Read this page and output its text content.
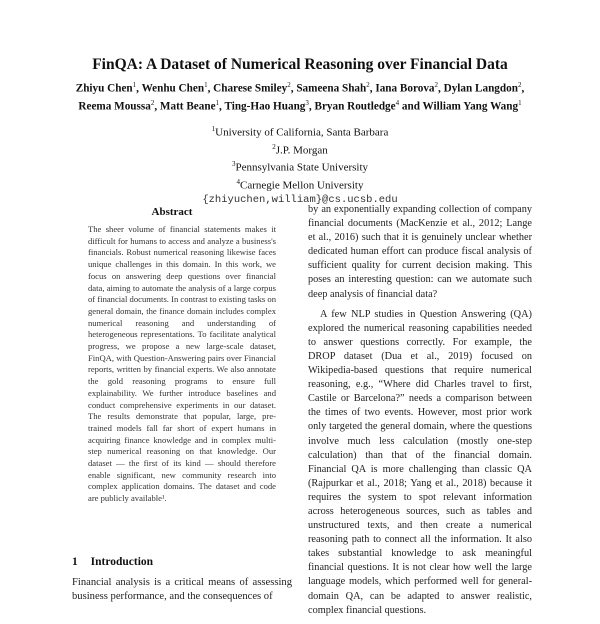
FinQA: A Dataset of Numerical Reasoning over Financial Data
Zhiyu Chen$^1$, Wenhu Chen$^1$, Charese Smiley$^2$, Sameena Shah$^2$, Iana Borova$^2$, Dylan Langdon$^2$, Reema Moussa$^2$, Matt Beane$^1$, Ting-Hao Huang$^3$, Bryan Routledge$^4$ and William Yang Wang$^1$
$^1$University of California, Santa Barbara
$^2$J.P. Morgan
$^3$Pennsylvania State University
$^4$Carnegie Mellon University
{zhiyuchen,william}@cs.ucsb.edu
Abstract

The sheer volume of financial statements makes it difficult for humans to access and analyze a business's financials. Robust numerical reasoning likewise faces unique challenges in this domain. In this work, we focus on answering deep questions over financial data, aiming to automate the analysis of a large corpus of financial documents. In contrast to existing tasks on general domain, the finance domain includes complex numerical reasoning and understanding of heterogeneous representations. To facilitate analytical progress, we propose a new large-scale dataset, FinQA, with Question-Answering pairs over Financial reports, written by financial experts. We also annotate the gold reasoning programs to ensure full explainability. We further introduce baselines and conduct comprehensive experiments in our dataset. The results demonstrate that popular, large, pre-trained models fall far short of expert humans in acquiring finance knowledge and in complex multi-step numerical reasoning on that knowledge. Our dataset — the first of its kind — should therefore enable significant, new community research into complex application domains. The dataset and code are publicly available¹.

1 Introduction

Financial analysis is a critical means of assessing business performance, and the consequences of

by an exponentially expanding collection of company financial documents (MacKenzie et al., 2012; Lange et al., 2016) such that it is genuinely unclear whether dedicated human effort can produce fiscal analysis of sufficient quality for current decision making. This poses an interesting question: can we automate such deep analysis of financial data?

A few NLP studies in Question Answering (QA) explored the numerical reasoning capabilities needed to answer questions correctly. For example, the DROP dataset (Dua et al., 2019) focused on Wikipedia-based questions that require numerical reasoning, e.g., “Where did Charles travel to first, Castile or Barcelona?” needs a comparison between the times of two events. However, most prior work only targeted the general domain, where the questions involve much less calculation (mostly one-step calculation) than that of the financial domain. Financial QA is more challenging than classic QA (Rajpurkar et al., 2018; Yang et al., 2018) because it requires the system to spot relevant information across heterogeneous sources, such as tables and unstructured texts, and then create a numerical reasoning path to connect all the information. It also takes substantial knowledge to ask meaningful financial questions. It is not clear how well the large language models, which performed well for general-domain QA, can be adapted to answer realistic, complex financial questions.
